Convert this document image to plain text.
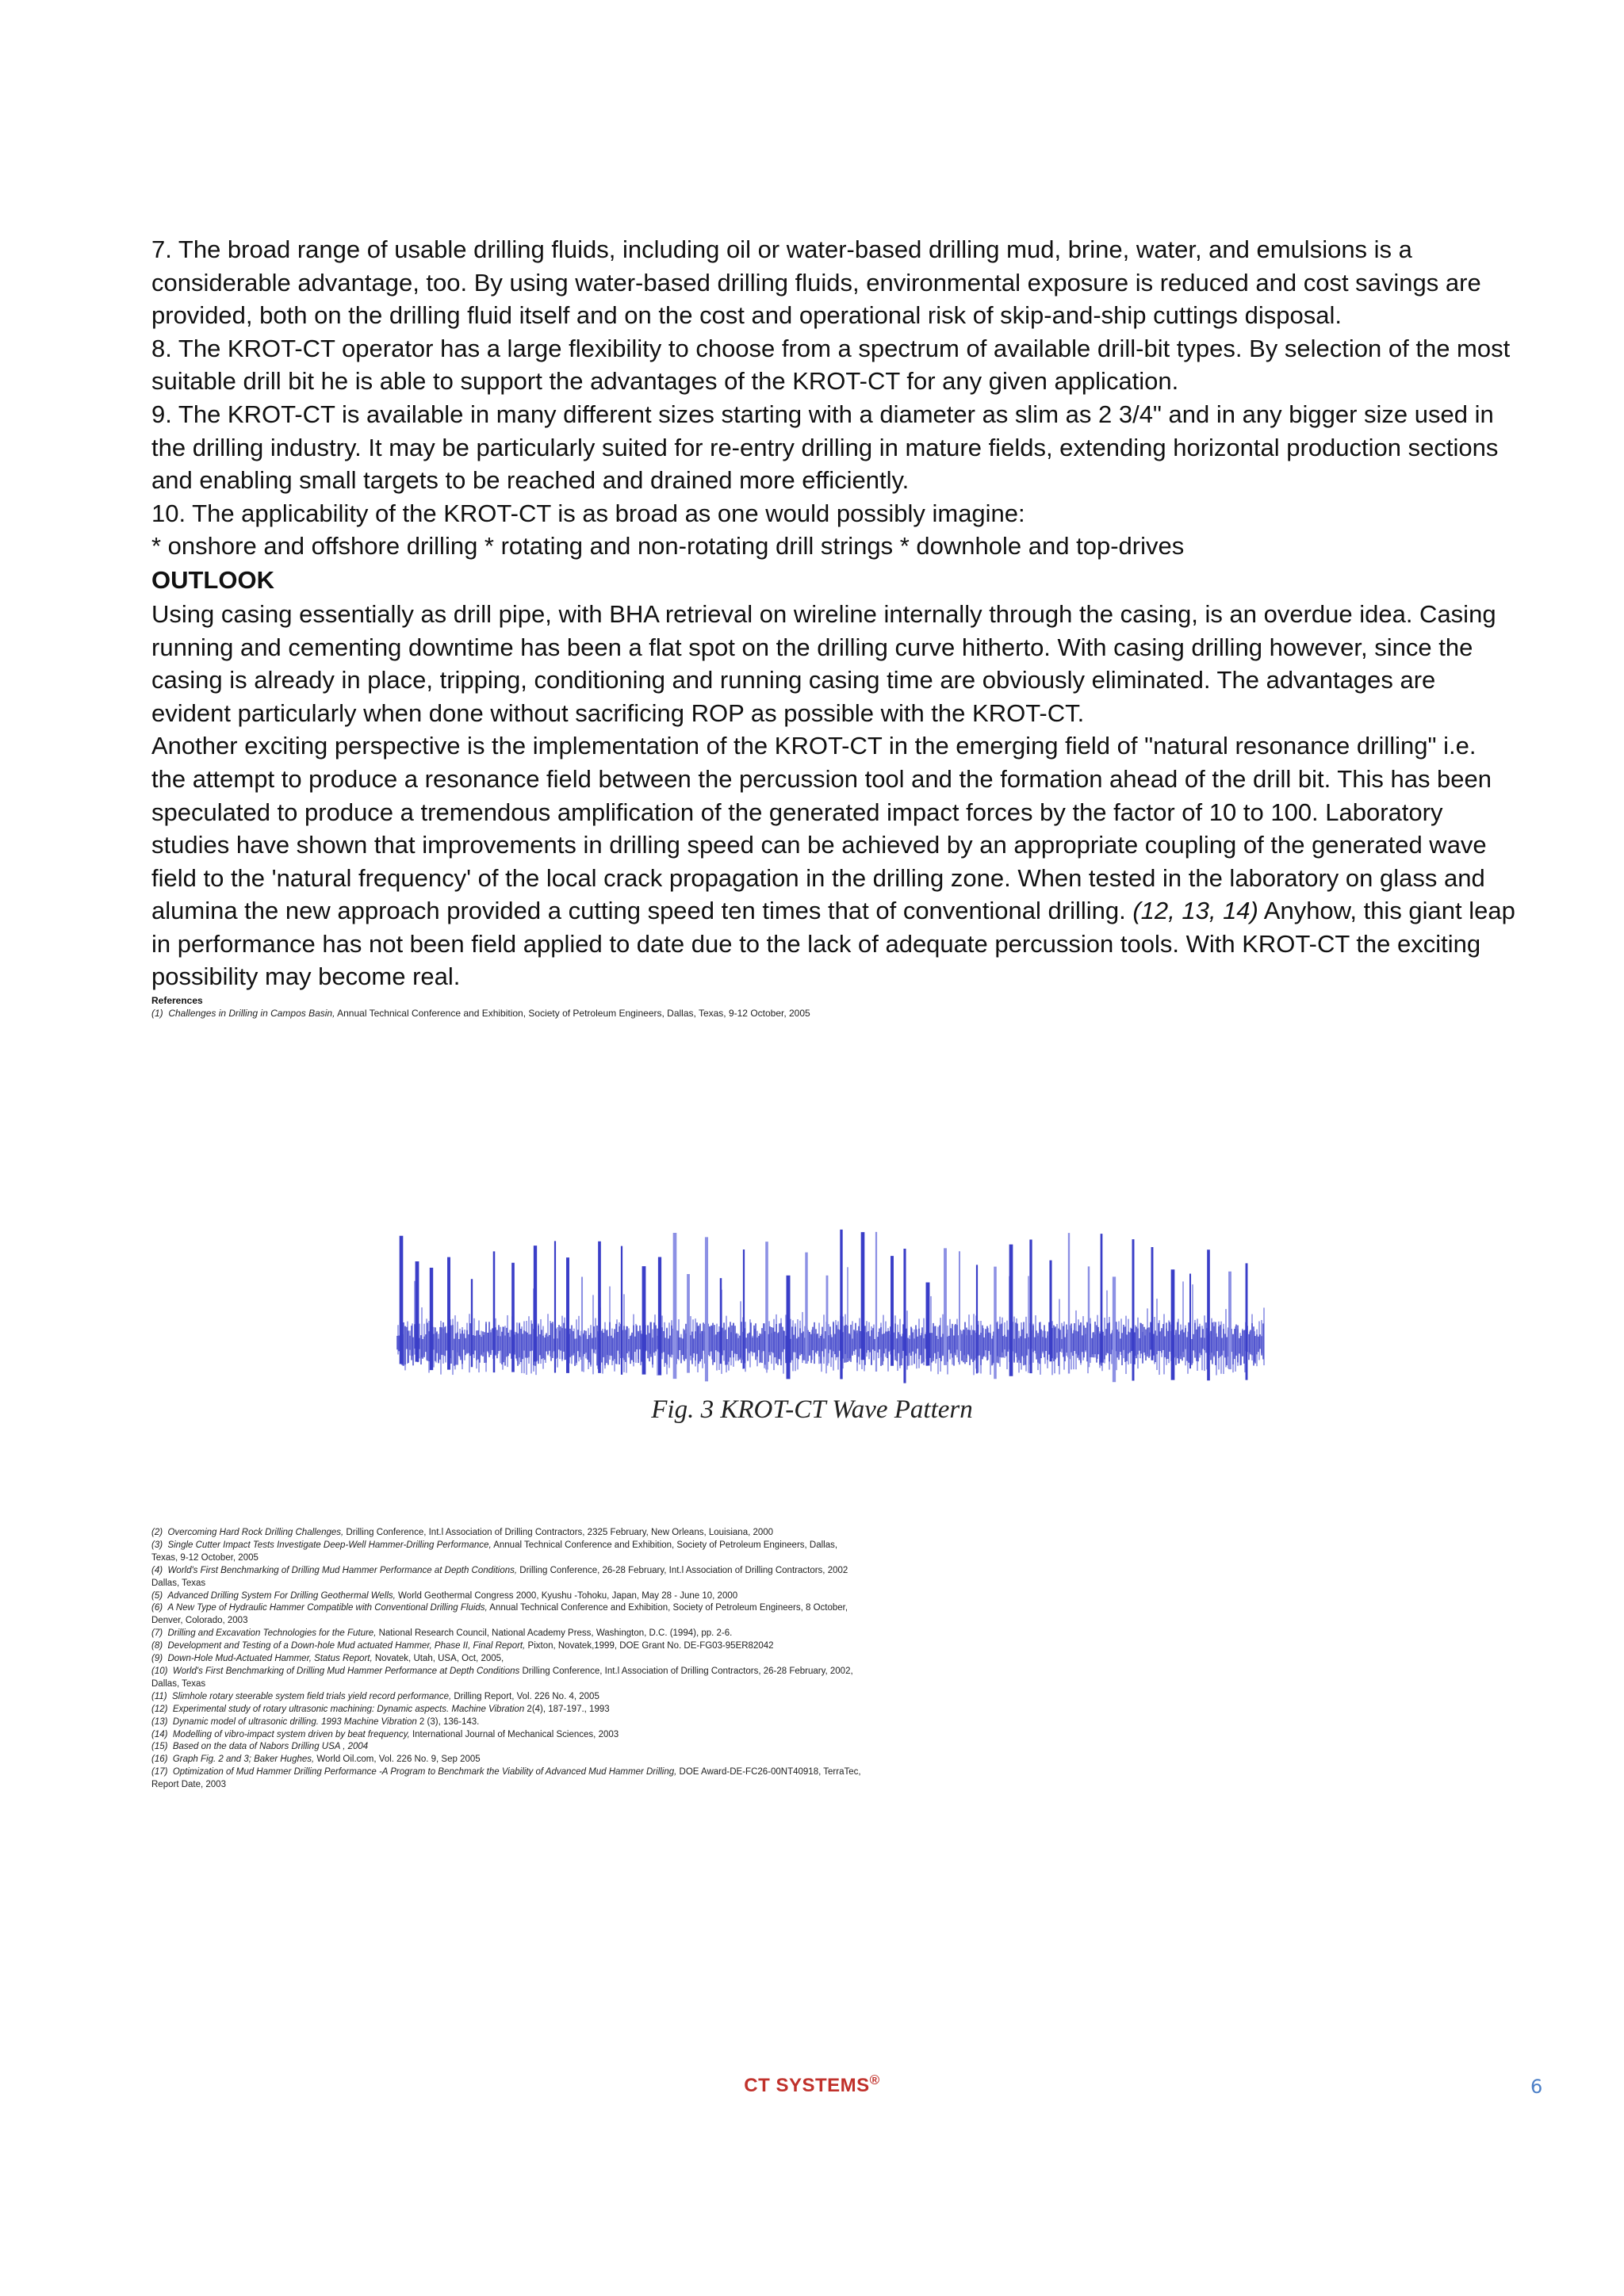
7. The broad range of usable drilling fluids, including oil or water-based drilling mud, brine, water, and emulsions is a considerable advantage, too. By using water-based drilling fluids, environmental exposure is reduced and cost savings are provided, both on the drilling fluid itself and on the cost and operational risk of skip-and-ship cuttings disposal.

8. The KROT-CT operator has a large flexibility to choose from a spectrum of available drill-bit types. By selection of the most suitable drill bit he is able to support the advantages of the KROT-CT for any given application.

9. The KROT-CT is available in many different sizes starting with a diameter as slim as 2 3/4" and in any bigger size used in the drilling industry. It may be particularly suited for re-entry drilling in mature fields, extending horizontal production sections and enabling small targets to be reached and drained more efficiently.

10. The applicability of the KROT-CT is as broad as one would possibly imagine:

* onshore and offshore drilling * rotating and non-rotating drill strings * downhole and top-drives

OUTLOOK

Using casing essentially as drill pipe, with BHA retrieval on wireline internally through the casing, is an overdue idea. Casing running and cementing downtime has been a flat spot on the drilling curve hitherto. With casing drilling however, since the casing is already in place, tripping, conditioning and running casing time are obviously eliminated. The advantages are evident particularly when done without sacrificing ROP as possible with the KROT-CT.

Another exciting perspective is the implementation of the KROT-CT in the emerging field of "natural resonance drilling" i.e. the attempt to produce a resonance field between the percussion tool and the formation ahead of the drill bit. This has been speculated to produce a tremendous amplification of the generated impact forces by the factor of 10 to 100. Laboratory studies have shown that improvements in drilling speed can be achieved by an appropriate coupling of the generated wave field to the 'natural frequency' of the local crack propagation in the drilling zone. When tested in the laboratory on glass and alumina the new approach provided a cutting speed ten times that of conventional drilling. (12, 13, 14) Anyhow, this giant leap in performance has not been field applied to date due to the lack of adequate percussion tools. With KROT-CT the exciting possibility may become real.

References
(1) Challenges in Drilling in Campos Basin, Annual Technical Conference and Exhibition, Society of Petroleum Engineers, Dallas, Texas, 9-12 October, 2005
Fig. 3 KROT-CT Wave Pattern
(2) Overcoming Hard Rock Drilling Challenges, Drilling Conference, Int.l Association of Drilling Contractors, 2325 February, New Orleans, Louisiana, 2000
(3) Single Cutter Impact Tests Investigate Deep-Well Hammer-Drilling Performance, Annual Technical Conference and Exhibition, Society of Petroleum Engineers, Dallas, Texas, 9-12 October, 2005
(4) World's First Benchmarking of Drilling Mud Hammer Performance at Depth Conditions, Drilling Conference, 26-28 February, Int.l Association of Drilling Contractors, 2002 Dallas, Texas
(5) Advanced Drilling System For Drilling Geothermal Wells, World Geothermal Congress 2000, Kyushu -Tohoku, Japan, May 28 - June 10, 2000
(6) A New Type of Hydraulic Hammer Compatible with Conventional Drilling Fluids, Annual Technical Conference and Exhibition, Society of Petroleum Engineers, 8 October, Denver, Colorado, 2003
(7) Drilling and Excavation Technologies for the Future, National Research Council, National Academy Press, Washington, D.C. (1994), pp. 2-6.
(8) Development and Testing of a Down-hole Mud actuated Hammer, Phase II, Final Report, Pixton, Novatek,1999, DOE Grant No. DE-FG03-95ER82042
(9) Down-Hole Mud-Actuated Hammer, Status Report, Novatek, Utah, USA, Oct, 2005,
(10) World's First Benchmarking of Drilling Mud Hammer Performance at Depth Conditions Drilling Conference, Int.l Association of Drilling Contractors, 26-28 February, 2002, Dallas, Texas
(11) Slimhole rotary steerable system field trials yield record performance, Drilling Report, Vol. 226 No. 4, 2005
(12) Experimental study of rotary ultrasonic machining: Dynamic aspects. Machine Vibration 2(4), 187-197., 1993
(13) Dynamic model of ultrasonic drilling. 1993 Machine Vibration 2 (3), 136-143.
(14) Modelling of vibro-impact system driven by beat frequency, International Journal of Mechanical Sciences, 2003
(15) Based on the data of Nabors Drilling USA , 2004
(16) Graph Fig. 2 and 3; Baker Hughes, World Oil.com, Vol. 226 No. 9, Sep 2005
(17) Optimization of Mud Hammer Drilling Performance -A Program to Benchmark the Viability of Advanced Mud Hammer Drilling, DOE Award-DE-FC26-00NT40918, TerraTec, Report Date, 2003
CT SYSTEMS®	6
